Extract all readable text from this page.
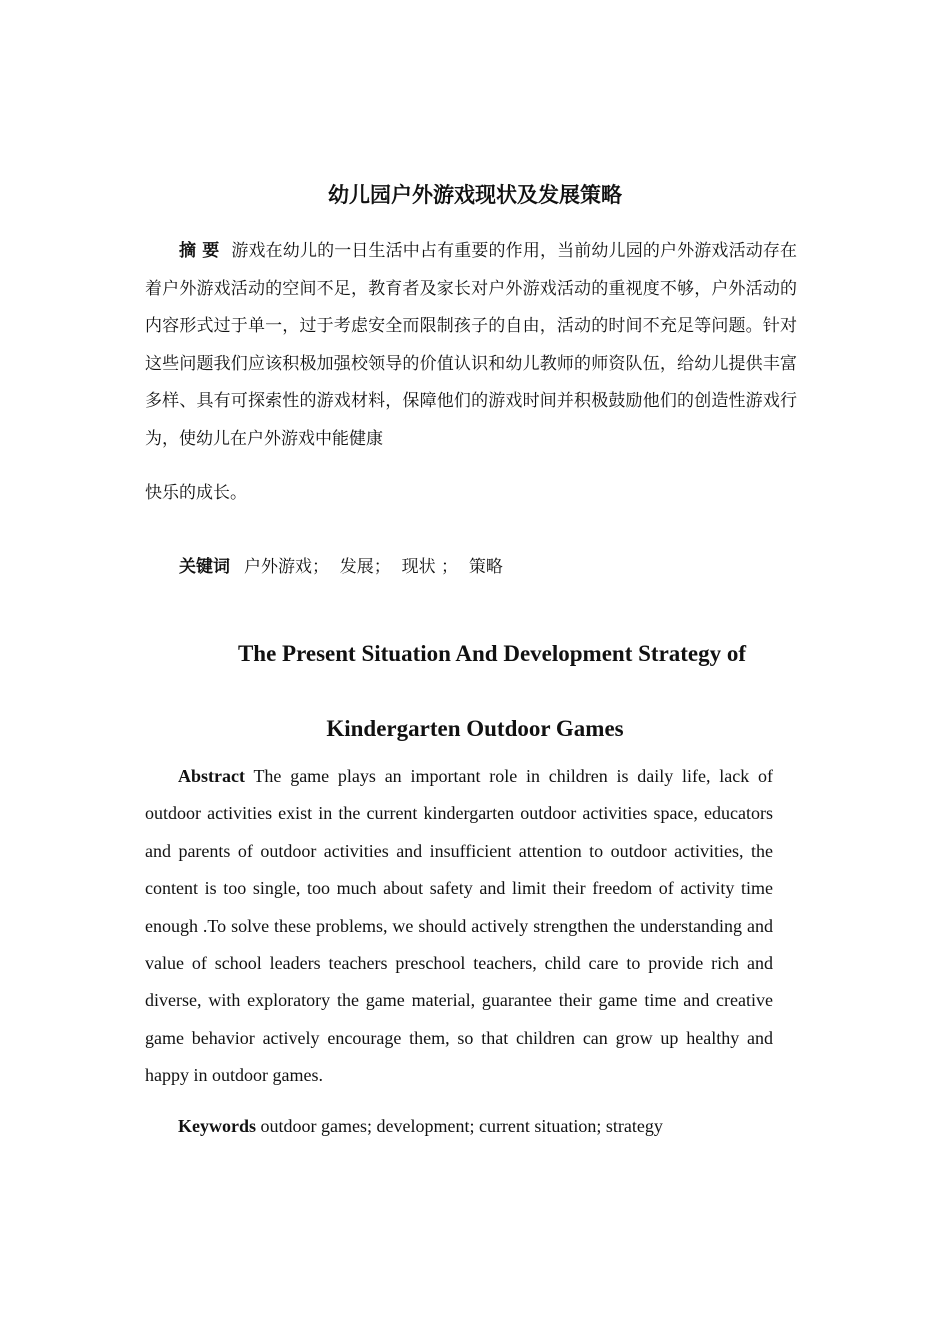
幼儿园户外游戏现状及发展策略

摘 要 游戏在幼儿的一日生活中占有重要的作用，当前幼儿园的户外游戏活动存在着户外游戏活动的空间不足，教育者及家长对户外游戏活动的重视度不够，户外活动的内容形式过于单一，过于考虑安全而限制孩子的自由，活动的时间不充足等问题。针对这些问题我们应该积极加强校领导的价值认识和幼儿教师的师资队伍，给幼儿提供丰富多样、具有可探索性的游戏材料，保障他们的游戏时间并积极鼓励他们的创造性游戏行为，使幼儿在户外游戏中能健康
快乐的成长。

关键词 户外游戏；  发展；  现状 ；  策略

The Present Situation And Development Strategy of
Kindergarten Outdoor Games

Abstract The game plays an important role in children is daily life, lack of outdoor activities exist in the current kindergarten outdoor activities space, educators and parents of outdoor activities and insufficient attention to outdoor activities, the content is too single, too much about safety and limit their freedom of activity time enough .To solve these problems, we should actively strengthen the understanding and value of school leaders teachers preschool teachers, child care to provide rich and diverse, with exploratory the game material, guarantee their game time and creative game behavior actively encourage them, so that children can grow up healthy and happy in outdoor games.

Keywords outdoor games; development; current situation; strategy
